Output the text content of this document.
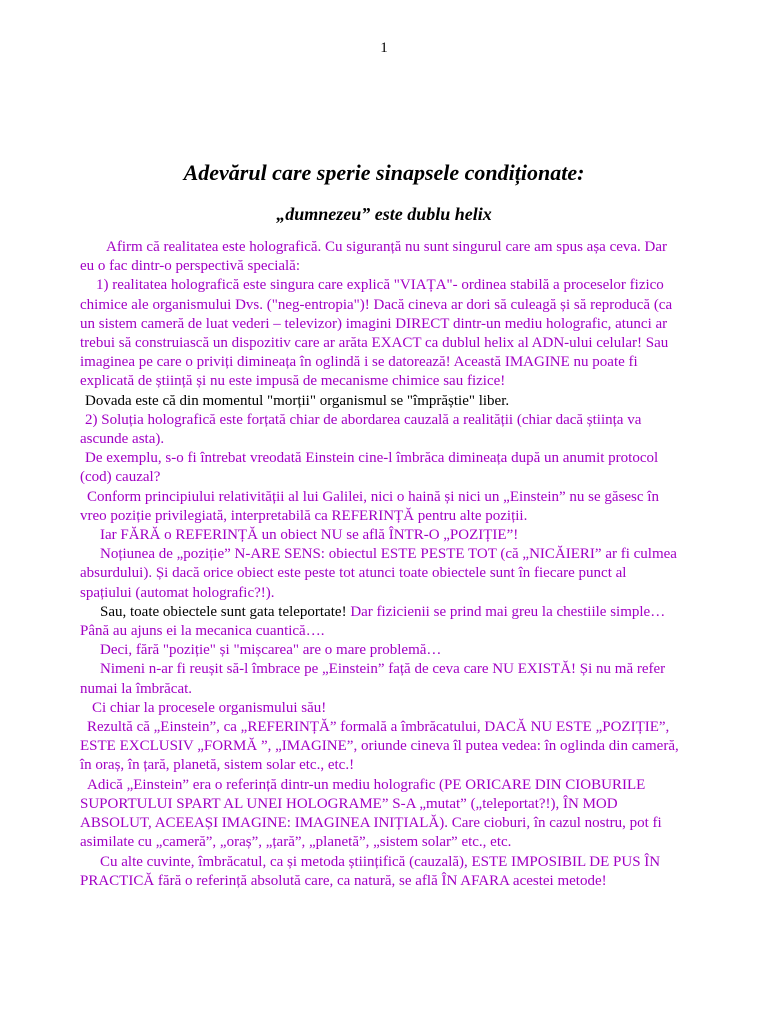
1
Adevărul care sperie sinapsele condiționate:
„dumnezeu” este dublu helix

Afirm că realitatea este holografică. Cu siguranță nu sunt singurul care am spus așa ceva. Dar eu o fac dintr-o perspectivă specială:

1) realitatea holografică este singura care explică "VIAȚA"- ordinea stabilă a proceselor fizico chimice ale organismului Dvs. ("neg-entropia")! Dacă cineva ar dori să culeagă și să reproducă (ca un sistem cameră de luat vederi – televizor) imagini DIRECT dintr-un mediu holografic, atunci ar trebui să construiască un dispozitiv care ar arăta EXACT ca dublul helix al ADN-ului celular! Sau imaginea pe care o priviți dimineața în oglindă i se datorează! Această IMAGINE nu poate fi explicată de știință și nu este impusă de mecanisme chimice sau fizice!

Dovada este că din momentul "morții" organismul se "împrăștie" liber.

2) Soluția holografică este forțată chiar de abordarea cauzală a realității (chiar dacă știința va ascunde asta).

De exemplu, s-o fi întrebat vreodată Einstein cine-l îmbrăca dimineața după un anumit protocol (cod) cauzal?

Conform principiului relativității al lui Galilei, nici o haină și nici un „Einstein” nu se găsesc în vreo poziție privilegiată, interpretabilă ca REFERINȚĂ pentru alte poziții.

Iar FĂRĂ o REFERINȚĂ un obiect NU se află ÎNTR-O „POZIȚIE”!

Noțiunea de „poziție” N-ARE SENS: obiectul ESTE PESTE TOT (că „NICĂIERI” ar fi culmea absurdului). Și dacă orice obiect este peste tot atunci toate obiectele sunt în fiecare punct al spațiului (automat holografic?!).

Sau, toate obiectele sunt gata teleportate! Dar fizicienii se prind mai greu la chestiile simple… Până au ajuns ei la mecanica cuantică….

Deci, fără "poziție" și "mișcarea" are o mare problemă…

Nimeni n-ar fi reușit să-l îmbrace pe „Einstein” față de ceva care NU EXISTĂ! Și nu mă refer numai la îmbrăcat.

Ci chiar la procesele organismului său!

Rezultă că „Einstein”, ca „REFERINȚĂ” formală a îmbrăcatului, DACĂ NU ESTE „POZIȚIE”, ESTE EXCLUSIV „FORMĂ ”, „IMAGINE”, oriunde cineva îl putea vedea: în oglinda din cameră, în oraș, în țară, planetă, sistem solar etc., etc.!

Adică „Einstein” era o referință dintr-un mediu holografic (PE ORICARE DIN CIOBURILE SUPORTULUI SPART AL UNEI HOLOGRAME” S-A „mutat” („teleportat?!), ÎN MOD ABSOLUT, ACEEAȘI IMAGINE: IMAGINEA INIȚIALĂ). Care cioburi, în cazul nostru, pot fi asimilate cu „cameră”, „oraș”, „țară”, „planetă”, „sistem solar” etc., etc.

Cu alte cuvinte, îmbrăcatul, ca și metoda științifică (cauzală), ESTE IMPOSIBIL DE PUS ÎN PRACTICĂ fără o referință absolută care, ca natură, se află ÎN AFARA acestei metode!
